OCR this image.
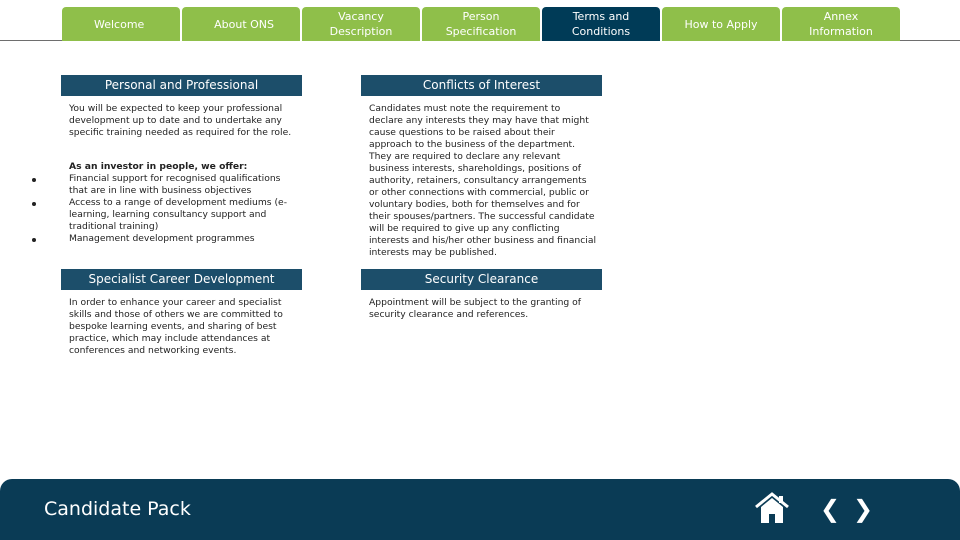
Welcome	About ONS
Vacancy Description
Person Specification
Terms and Conditions
How to Apply
Annex Information
Personal and Professional

You will be expected to keep your professional development up to date and to undertake any specific training needed as required for the role.

As an investor in people, we offer:

Financial support for recognised qualifications that are in line with business objectives
Access to a range of development mediums (e-learning, learning consultancy support and traditional training)
Management development programmes
Specialist Career Development

In order to enhance your career and specialist skills and those of others we are committed to bespoke learning events, and sharing of best practice, which may include attendances at conferences and networking events.

Conflicts of Interest

Candidates must note the requirement to declare any interests they may have that might cause questions to be raised about their approach to the business of the department. They are required to declare any relevant business interests, shareholdings, positions of authority, retainers, consultancy arrangements or other connections with commercial, public or voluntary bodies, both for themselves and for their spouses/partners. The successful candidate will be required to give up any conflicting interests and his/her other business and financial interests may be published.

Security Clearance

Appointment will be subject to the granting of security clearance and references.

Candidate Pack	❮ ❯
